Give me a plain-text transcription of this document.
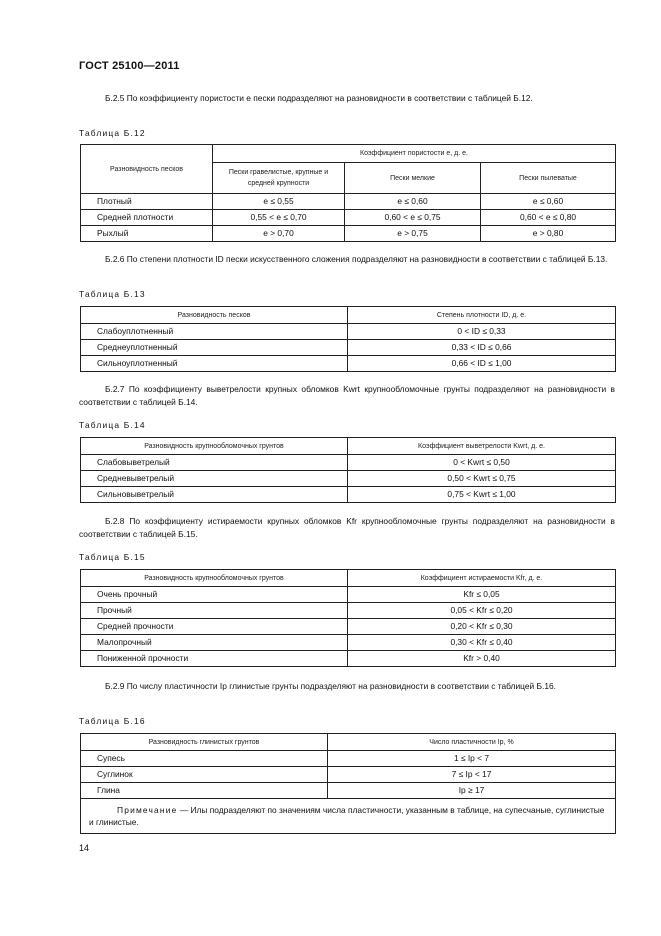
ГОСТ 25100—2011

Б.2.5 По коэффициенту пористости e пески подразделяют на разновидности в соответствии с таблицей Б.12.

Таблица Б.12
Разновидность песков	Коэффициент пористости e, д. е.		
	Пески гравелистые, крупные и средней крупности	Пески мелкие	Пески пылеватые
Плотный	e ≤ 0,55	e ≤ 0,60	e ≤ 0,60
Средней плотности	0,55 < e ≤ 0,70	0,60 < e ≤ 0,75	0,60 < e ≤ 0,80
Рыхлый	e > 0,70	e > 0,75	e > 0,80

Б.2.6 По степени плотности ID пески искусственного сложения подразделяют на разновидности в соответствии с таблицей Б.13.

Таблица Б.13
Разновидность песков	Степень плотности ID, д. е.
Слабоуплотненный	0 < ID ≤ 0,33
Среднеуплотненный	0,33 < ID ≤ 0,66
Сильноуплотненный	0,66 < ID ≤ 1,00

Б.2.7 По коэффициенту выветрелости крупных обломков Kwrt крупнообломочные грунты подразделяют на разновидности в соответствии с таблицей Б.14.

Таблица Б.14
Разновидность крупнообломочных грунтов	Коэффициент выветрелости Kwrt, д. е.
Слабовыветрелый	0 < Kwrt ≤ 0,50
Средневыветрелый	0,50 < Kwrt ≤ 0,75
Сильновыветрелый	0,75 < Kwrt ≤ 1,00

Б.2.8 По коэффициенту истираемости крупных обломков Kfr крупнообломочные грунты подразделяют на разновидности в соответствии с таблицей Б.15.

Таблица Б.15
Разновидность крупнообломочных грунтов	Коэффициент истираемости Kfr, д. е.
Очень прочный	Kfr ≤ 0,05
Прочный	0,05 < Kfr ≤ 0,20
Средней прочности	0,20 < Kfr ≤ 0,30
Малопрочный	0,30 < Kfr ≤ 0,40
Пониженной прочности	Kfr > 0,40

Б.2.9 По числу пластичности Ip глинистые грунты подразделяют на разновидности в соответствии с таблицей Б.16.

Таблица Б.16
Разновидность глинистых грунтов	Число пластичности Ip, %
Супесь	1 ≤ Ip < 7
Суглинок	7 ≤ Ip < 17
Глина	Ip ≥ 17
Примечание — Илы подразделяют по значениям числа пластичности, указанным в таблице, на супесчаные, суглинистые и глинистые.	
14
